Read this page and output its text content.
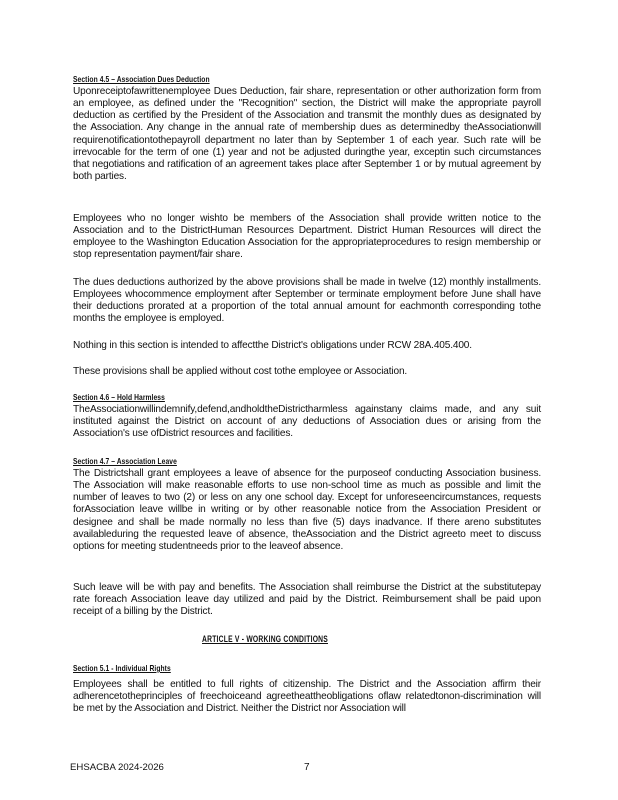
Section 4.5 – Association Dues Deduction

Uponreceiptofawrittenemployee Dues Deduction, fair share, representation or other authorization form from an employee, as defined under the "Recognition" section, the District will make the appropriate payroll deduction as certified by the President of the Association and transmit the monthly dues as designated by the Association. Any change in the annual rate of membership dues as determinedby theAssociationwill requirenotificationtothepayroll department no later than by September 1 of each year. Such rate will be irrevocable for the term of one (1) year and not be adjusted duringthe year, exceptin such circumstances that negotiations and ratification of an agreement takes place after September 1 or by mutual agreement by both parties.

Employees who no longer wishto be members of the Association shall provide written notice to the Association and to the DistrictHuman Resources Department. District Human Resources will direct the employee to the Washington Education Association for the appropriateprocedures to resign membership or stop representation payment/fair share.

The dues deductions authorized by the above provisions shall be made in twelve (12) monthly installments. Employees whocommence employment after September or terminate employment before June shall have their deductions prorated at a proportion of the total annual amount for eachmonth corresponding tothe months the employee is employed.

Nothing in this section is intended to affectthe District's obligations under RCW 28A.405.400.

These provisions shall be applied without cost tothe employee or Association.

Section 4.6 – Hold Harmless

TheAssociationwillindemnify,defend,andholdtheDistrictharmless againstany claims made, and any suit instituted against the District on account of any deductions of Association dues or arising from the Association's use ofDistrict resources and facilities.

Section 4.7 – Association Leave

The Districtshall grant employees a leave of absence for the purposeof conducting Association business. The Association will make reasonable efforts to use non-school time as much as possible and limit the number of leaves to two (2) or less on any one school day. Except for unforeseencircumstances, requests forAssociation leave willbe in writing or by other reasonable notice from the Association President or designee and shall be made normally no less than five (5) days inadvance. If there areno substitutes availableduring the requested leave of absence, theAssociation and the District agreeto meet to discuss options for meeting studentneeds prior to the leaveof absence.

Such leave will be with pay and benefits. The Association shall reimburse the District at the substitutepay rate foreach Association leave day utilized and paid by the District. Reimbursement shall be paid upon receipt of a billing by the District.

ARTICLE V - WORKING CONDITIONS
Section 5.1 - Individual Rights

Employees shall be entitled to full rights of citizenship. The District and the Association affirm their adherencetotheprinciples of freechoiceand agreetheattheobligations oflaw relatedtonon-discrimination will be met by the Association and District. Neither the District nor Association will

EHSACBA 2024-2026	7
